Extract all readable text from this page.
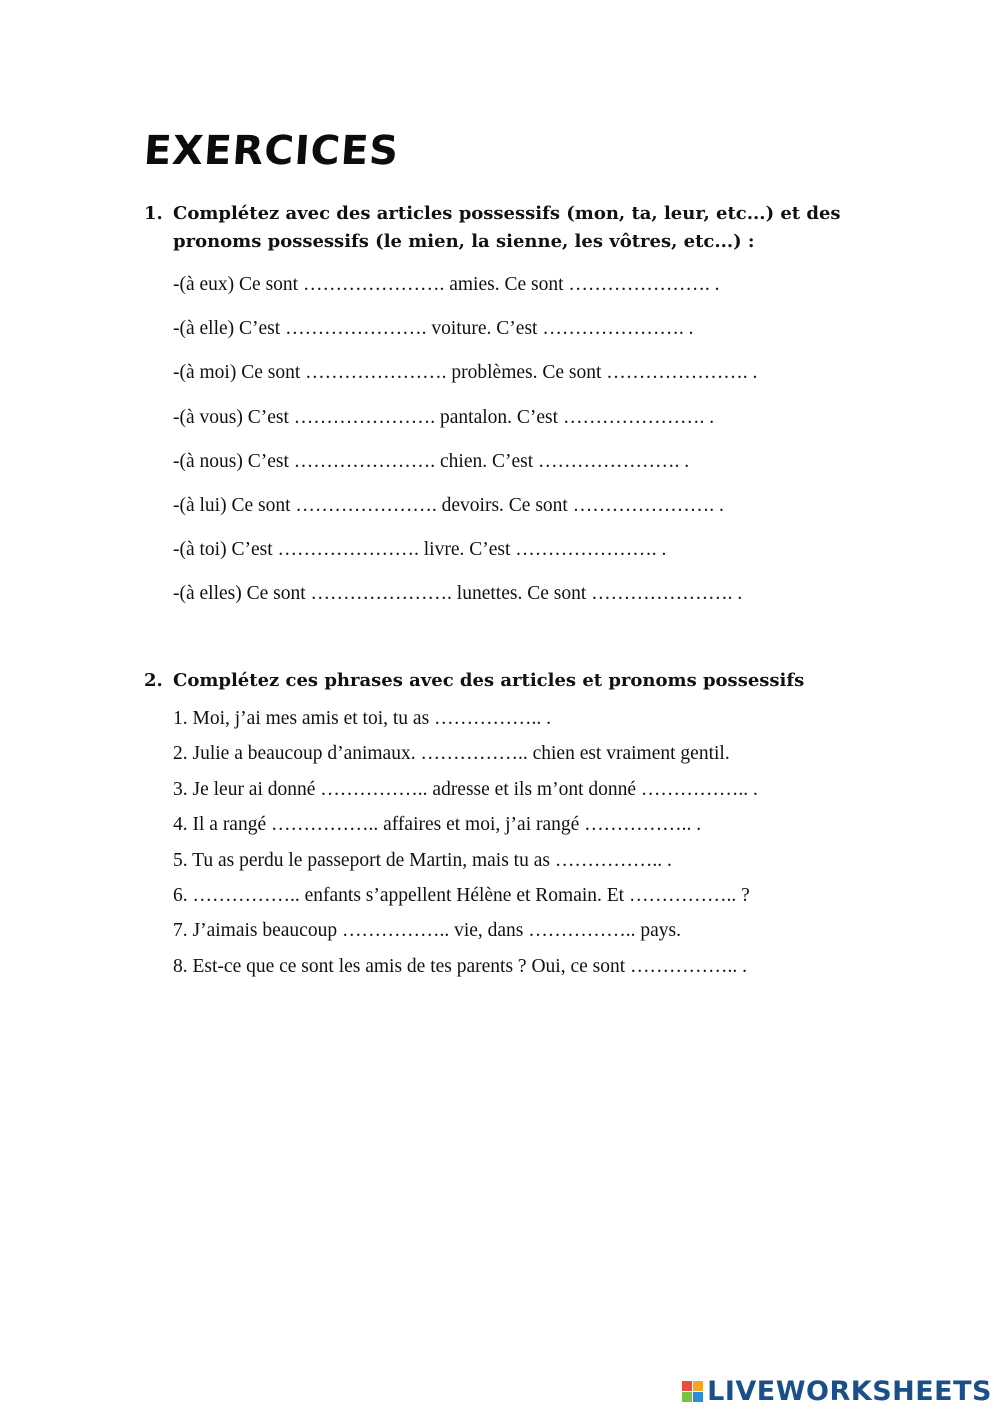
EXERCICES
1. Complétez avec des articles possessifs (mon, ta, leur, etc...) et des pronoms possessifs (le mien, la sienne, les vôtres, etc...) :
-(à eux) Ce sont …………………. amies. Ce sont …………………. .
-(à elle) C’est …………………. voiture. C’est …………………. .
-(à moi) Ce sont …………………. problèmes. Ce sont …………………. .
-(à vous) C’est …………………. pantalon. C’est …………………. .
-(à nous) C’est …………………. chien. C’est …………………. .
-(à lui) Ce sont …………………. devoirs. Ce sont …………………. .
-(à toi) C’est …………………. livre. C’est …………………. .
-(à elles) Ce sont …………………. lunettes. Ce sont …………………. .
2. Complétez ces phrases avec des articles et pronoms possessifs
1. Moi, j’ai mes amis et toi, tu as …………….. .
2. Julie a beaucoup d’animaux. …………….. chien est vraiment gentil.
3. Je leur ai donné …………….. adresse et ils m’ont donné …………….. .
4. Il a rangé …………….. affaires et moi, j’ai rangé …………….. .
5. Tu as perdu le passeport de Martin, mais tu as …………….. .
6. …………….. enfants s’appellent Hélène et Romain. Et …………….. ?
7. J’aimais beaucoup …………….. vie, dans …………….. pays.
8. Est-ce que ce sont les amis de tes parents ? Oui, ce sont …………….. .
LIVEWORKSHEETS
